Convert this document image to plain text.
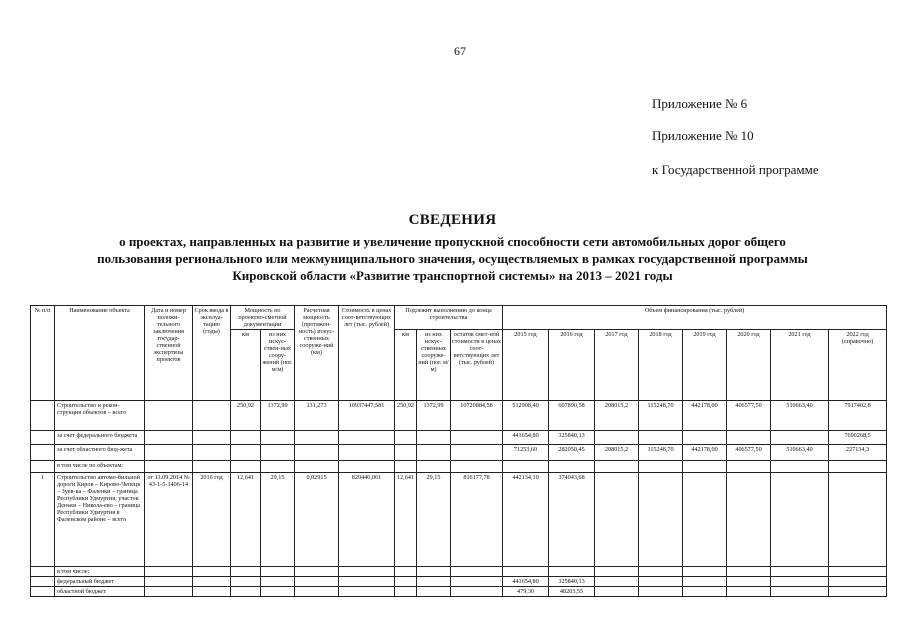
67
Приложение № 6
Приложение № 10
к Государственной программе
СВЕДЕНИЯ
о проектах, направленных на развитие и увеличение пропускной способности сети автомобильных дорог общего
пользования регионального или межмуниципального значения, осуществляемых в рамках государственной программы
Кировской области «Развитие транспортной системы» на 2013 – 2021 годы
№ п/п	Наименование объекта	Дата и номер положи-тельного заключения государ-ственной экспертизы проектов	Срок ввода в эксплуа-тацию (годы)	Мощность по проектно-сметной документации		Расчетная мощность (протяжен-ность) искус-ственных сооруже-ний (км)	Стоимость в ценах соот-ветствующих лет (тыс. рублей)	Подлежит выполнению до конца строительства			Объем финансирования (тыс. рублей)							
				км	из них искус-ствен-ных соору-жений (пог. м/м)			км	из них искус-ственных сооруже-ний (пог. м/м)	остаток смет-ной стоимости в ценах соот-ветствующих лет (тыс. рублей)	2015 год	2016 год	2017 год	2018 год	2019 год	2020 год	2021 год	2022 год (справочно)
	Строительство и рекон-струкция объектов – всего			250,92	1372,99	131,273	10937447,581	250,92	1372,99	10720884,58	512908,40	607890,58	208015,2	115248,70	442178,00	406577,50	510663,40	7917402,8
	за счет федерального бюджета										441654,80	325840,13						7690268,5
	за счет областного бюд-жета										71253,60	282050,45	208015,2	115248,70	442178,00	406577,50	510663,40	227134,3
	в том числе по объектам:																	
1	Строительство автомо-бильной дороги Киров – Кирово-Чепецк – Зуев-ка – Фаленки – граница Республики Удмуртия, участок Деньки – Никола-ево – граница Республики Удмуртия в Фаленском районе – всего	от 11.09.2014 № 43-1-5-1406-14	2016 год	12,641	29,15	0,02915	829440,061	12,641	29,15	816177,78	442134,10	374043,68						
	в том числе:																	
	федеральный бюджет										441654,80	325840,13						
	областной бюджет										479,30	48203,55						
